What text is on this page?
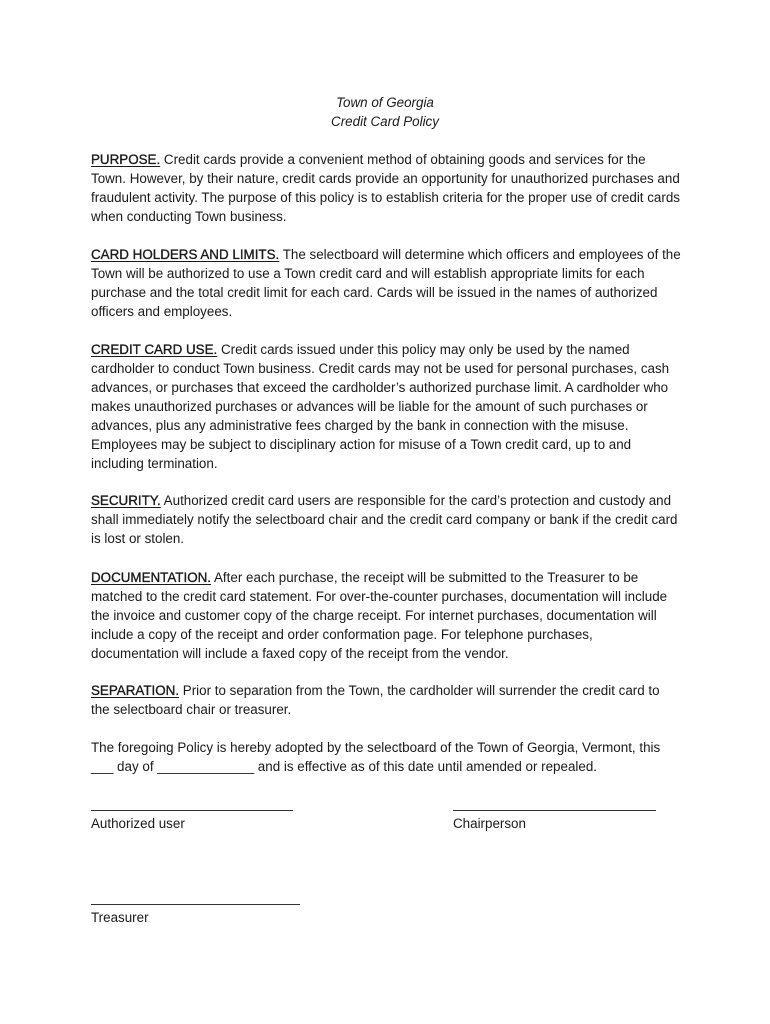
Town of Georgia
Credit Card Policy

PURPOSE. Credit cards provide a convenient method of obtaining goods and services for the Town. However, by their nature, credit cards provide an opportunity for unauthorized purchases and fraudulent activity. The purpose of this policy is to establish criteria for the proper use of credit cards when conducting Town business.

CARD HOLDERS AND LIMITS. The selectboard will determine which officers and employees of the Town will be authorized to use a Town credit card and will establish appropriate limits for each purchase and the total credit limit for each card. Cards will be issued in the names of authorized officers and employees.

CREDIT CARD USE. Credit cards issued under this policy may only be used by the named cardholder to conduct Town business. Credit cards may not be used for personal purchases, cash advances, or purchases that exceed the cardholder’s authorized purchase limit. A cardholder who makes unauthorized purchases or advances will be liable for the amount of such purchases or advances, plus any administrative fees charged by the bank in connection with the misuse. Employees may be subject to disciplinary action for misuse of a Town credit card, up to and including termination.

SECURITY. Authorized credit card users are responsible for the card’s protection and custody and shall immediately notify the selectboard chair and the credit card company or bank if the credit card is lost or stolen.

DOCUMENTATION. After each purchase, the receipt will be submitted to the Treasurer to be matched to the credit card statement. For over-the-counter purchases, documentation will include the invoice and customer copy of the charge receipt. For internet purchases, documentation will include a copy of the receipt and order conformation page. For telephone purchases, documentation will include a faxed copy of the receipt from the vendor.

SEPARATION. Prior to separation from the Town, the cardholder will surrender the credit card to the selectboard chair or treasurer.

The foregoing Policy is hereby adopted by the selectboard of the Town of Georgia, Vermont, this ___ day of _____________ and is effective as of this date until amended or repealed.

Authorized user	Chairperson
Treasurer
